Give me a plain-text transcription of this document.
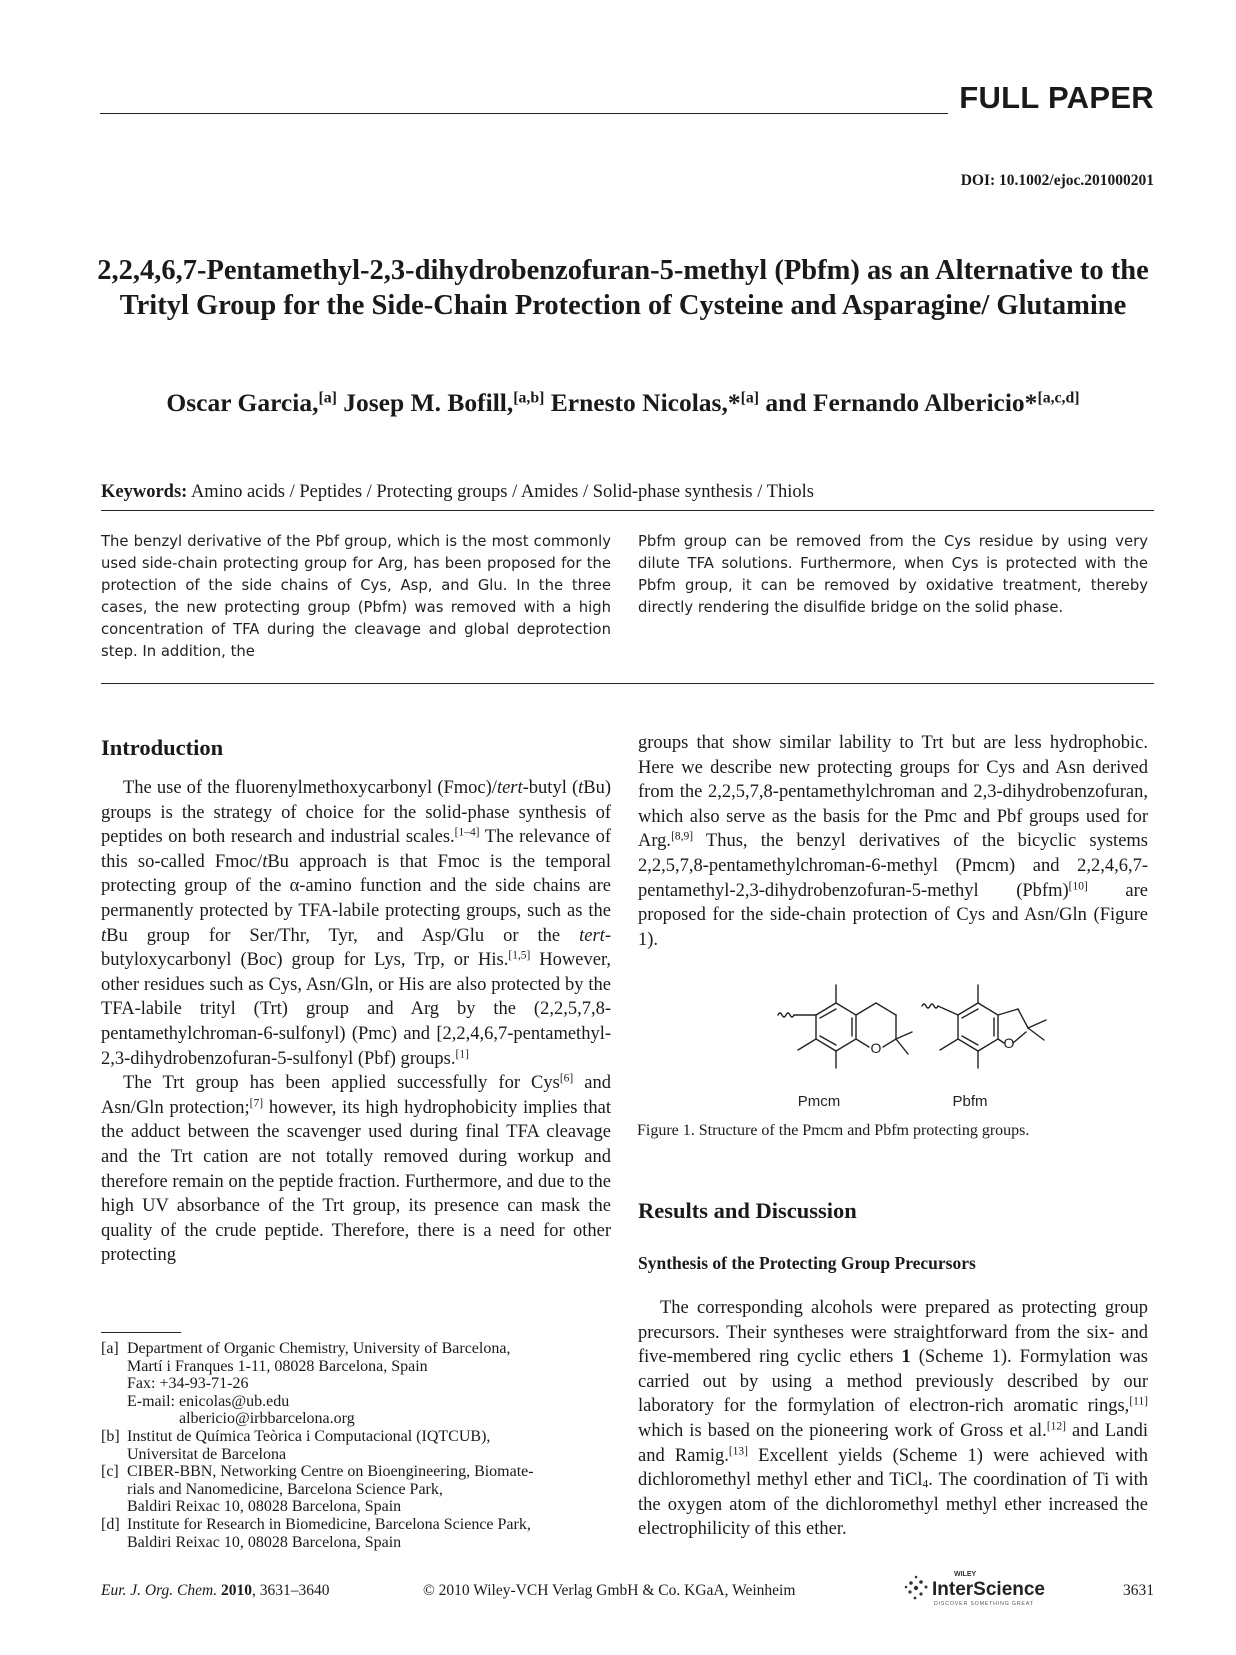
FULL PAPER
DOI: 10.1002/ejoc.201000201
2,2,4,6,7-Pentamethyl-2,3-dihydrobenzofuran-5-methyl (Pbfm) as an Alternative to the Trityl Group for the Side-Chain Protection of Cysteine and Asparagine/ Glutamine
Oscar Garcia,[a] Josep M. Bofill,[a,b] Ernesto Nicolas,*[a] and Fernando Albericio*[a,c,d]
Keywords: Amino acids / Peptides / Protecting groups / Amides / Solid-phase synthesis / Thiols
The benzyl derivative of the Pbf group, which is the most commonly used side-chain protecting group for Arg, has been proposed for the protection of the side chains of Cys, Asp, and Glu. In the three cases, the new protecting group (Pbfm) was removed with a high concentration of TFA during the cleavage and global deprotection step. In addition, the
Pbfm group can be removed from the Cys residue by using very dilute TFA solutions. Furthermore, when Cys is protected with the Pbfm group, it can be removed by oxidative treatment, thereby directly rendering the disulfide bridge on the solid phase.
Introduction

The use of the fluorenylmethoxycarbonyl (Fmoc)/tert-butyl (tBu) groups is the strategy of choice for the solid-phase synthesis of peptides on both research and industrial scales.[1–4] The relevance of this so-called Fmoc/tBu approach is that Fmoc is the temporal protecting group of the α-amino function and the side chains are permanently protected by TFA-labile protecting groups, such as the tBu group for Ser/Thr, Tyr, and Asp/Glu or the tert-butyloxycarbonyl (Boc) group for Lys, Trp, or His.[1,5] However, other residues such as Cys, Asn/Gln, or His are also protected by the TFA-labile trityl (Trt) group and Arg by the (2,2,5,7,8-pentamethylchroman-6-sulfonyl) (Pmc) and [2,2,4,6,7-pentamethyl-2,3-dihydrobenzofuran-5-sulfonyl (Pbf) groups.[1]

The Trt group has been applied successfully for Cys[6] and Asn/Gln protection;[7] however, its high hydrophobicity implies that the adduct between the scavenger used during final TFA cleavage and the Trt cation are not totally removed during workup and therefore remain on the peptide fraction. Furthermore, and due to the high UV absorbance of the Trt group, its presence can mask the quality of the crude peptide. Therefore, there is a need for other protecting

[a] Department of Organic Chemistry, University of Barcelona,
Martí i Franques 1-11, 08028 Barcelona, Spain
Fax: +34-93-71-26
E-mail: enicolas@ub.edu
albericio@irbbarcelona.org
[b] Institut de Química Teòrica i Computacional (IQTCUB),
Universitat de Barcelona
[c] CIBER-BBN, Networking Centre on Bioengineering, Biomate-
rials and Nanomedicine, Barcelona Science Park,
Baldiri Reixac 10, 08028 Barcelona, Spain
[d] Institute for Research in Biomedicine, Barcelona Science Park,
Baldiri Reixac 10, 08028 Barcelona, Spain

groups that show similar lability to Trt but are less hydrophobic. Here we describe new protecting groups for Cys and Asn derived from the 2,2,5,7,8-pentamethylchroman and 2,3-dihydrobenzofuran, which also serve as the basis for the Pmc and Pbf groups used for Arg.[8,9] Thus, the benzyl derivatives of the bicyclic systems 2,2,5,7,8-pentamethylchroman-6-methyl (Pmcm) and 2,2,4,6,7-pentamethyl-2,3-dihydrobenzofuran-5-methyl (Pbfm)[10] are proposed for the side-chain protection of Cys and Asn/Gln (Figure 1).

O	O
Pmcm	Pbfm
Figure 1. Structure of the Pmcm and Pbfm protecting groups.
Results and Discussion
Synthesis of the Protecting Group Precursors

The corresponding alcohols were prepared as protecting group precursors. Their syntheses were straightforward from the six- and five-membered ring cyclic ethers 1 (Scheme 1). Formylation was carried out by using a method previously described by our laboratory for the formylation of electron-rich aromatic rings,[11] which is based on the pioneering work of Gross et al.[12] and Landi and Ramig.[13] Excellent yields (Scheme 1) were achieved with dichloromethyl methyl ether and TiCl$_4$. The coordination of Ti with the oxygen atom of the dichloromethyl methyl ether increased the electrophilicity of this ether.

Eur. J. Org. Chem. 2010, 3631–3640	© 2010 Wiley-VCH Verlag GmbH & Co. KGaA, Weinheim
WILEY
InterScience
DISCOVER SOMETHING GREAT
3631
